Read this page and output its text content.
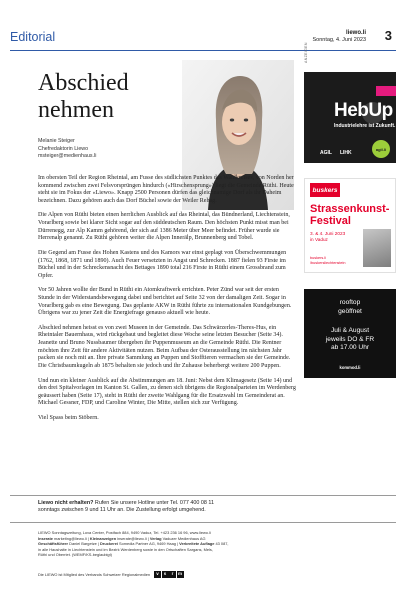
Editorial	liewo.li
Sonntag, 4. Juni 2023 3
Abschied
nehmen
Melanie Steiger
Chefredaktorin Liewo
msteiger@medienhaus.li

Im obersten Teil der Region Rheintal, am Fusse des südlichsten Punktes des Wahlkreises, von Norden her kommend zwischen zwei Felsvorsprüngen hindurch («Hirschensprung») liegt die Gemeinde Rüthi. Heute steht sie im Fokus der «Liewo». Knapp 2500 Personen dürfen das gleichnamige Dorf als ihr Daheim bezeichnen. Dazu gehören auch das Dorf Büchel sowie der Weiler Rehag.

Die Alpen von Rüthi bieten einen herrlichen Ausblick auf das Rheintal, das Bündnerland, Liechtenstein, Vorarlberg sowie bei klarer Sicht sogar auf den süddeutschen Raum. Den höchsten Punkt misst man bei Dürrenegg, zur Alp Kamm gehörend, der sich auf 1386 Meter über Meer befindet. Früher wurde sie Herrenalp genannt. Zu Rüthi gehören weiter die Alpen Innerälp, Brunnenberg und Tobel.

Die Gegend am Fusse des Hohen Kastens und des Kamors war einst geplagt von Überschwemmungen (1762, 1868, 1871 und 1890). Auch Feuer versetzten in Angst und Schrecken. 1887 fielen 93 Firste im Büchel und in der Schreckensnacht des Bettages 1890 total 216 Firste in Rüthi einem Grossbrand zum Opfer.

Vor 50 Jahren wollte der Bund in Rüthi ein Atomkraftwerk errichten. Peter Zünd war seit der ersten Stunde in der Widerstandsbewegung dabei und berichtet auf Seite 32 von der damaligen Zeit. Sogar in Vorarlberg gab es eine Bewegung. Das geplante AKW in Rüthi führte zu internationalen Kundgebungen. Übrigens war zu jener Zeit die Energiefrage genauso aktuell wie heute.

Abschied nehmen heisst es von zwei Museen in der Gemeinde. Das Schwärzerles-Theres-Hus, ein Rheintaler Bauernhaus, wird rückgebaut und begleitet diese Woche seine letzten Besucher (Seite 34). Jeanette und Bruno Nussbaumer übergeben ihr Puppenmuseum an die Gemeinde Rüthi. Die Rentner möchten ihre Zeit für andere Aktivitäten nutzen. Beim Aufbau der Osterausstellung im nächsten Jahr packen sie noch mit an. Ihre private Sammlung an Puppen und Stofftieren vermachen sie der Gemeinde. Die Christbaumkugeln ab 1875 behalten sie jedoch und ihr Zuhause beherbergt weitere 200 Puppen.

Und nun ein kleiner Ausblick auf die Abstimmungen am 18. Juni: Nebst dem Klimagesetz (Seite 14) und den drei Spitalvorlagen im Kanton St. Gallen, zu denen sich übrigens die Regionalparteien im Werdenberg geäussert haben (Seite 17), steht in Rüthi der zweite Wahlgang für die Ersatzwahl im Gemeinderat an. Michael Gessner, FDP, und Caroline Winter, Die Mitte, stellen sich zur Verfügung.

Viel Spass beim Stöbern.

ANZEIGEN
HebUp
Industrielehre ist Zukunft.
AGIL LIHK
agil.li
buskers
Strassenkunst-
Festival
3. & 4. Juni 2023
in Vaduz
buskers.li
/buskersliechtenstein
rooftop
geöffnet
Juli & August
jeweils DO & FR
ab 17.00 Uhr
kommod.li
Liewo nicht erhalten? Rufen Sie unsere Hotline unter Tel. 077 400 08 11
sonntags zwischen 9 und 11 Uhr an. Die Zustellung erfolgt umgehend.
LIEWO Sonntagszeitung, Lova Center, Postfach 884, 9490 Vaduz, Tel. +423 236 16 96, www.liewo.li
Inserate marketing@liewo.li | Kleinanzeigen inserate@liewo.li | Verlag Vaduzer Medienhaus AG
Geschäftsführer Daniel Bargetze | Druckerei Somedia Partner AG, 9469 Haag | Verbreitete Auflage 43 087,
in alle Haushalte in Liechtenstein und im Bezirk Werdenberg sowie in den Ortschaften Sargans, Mels,
Rüthi und Oberriet. (WEMF/KS-beglaubigt)
Die LIEWO ist Mitglied des Verbands Schweizer Regionalmedien	v	s	r	m
